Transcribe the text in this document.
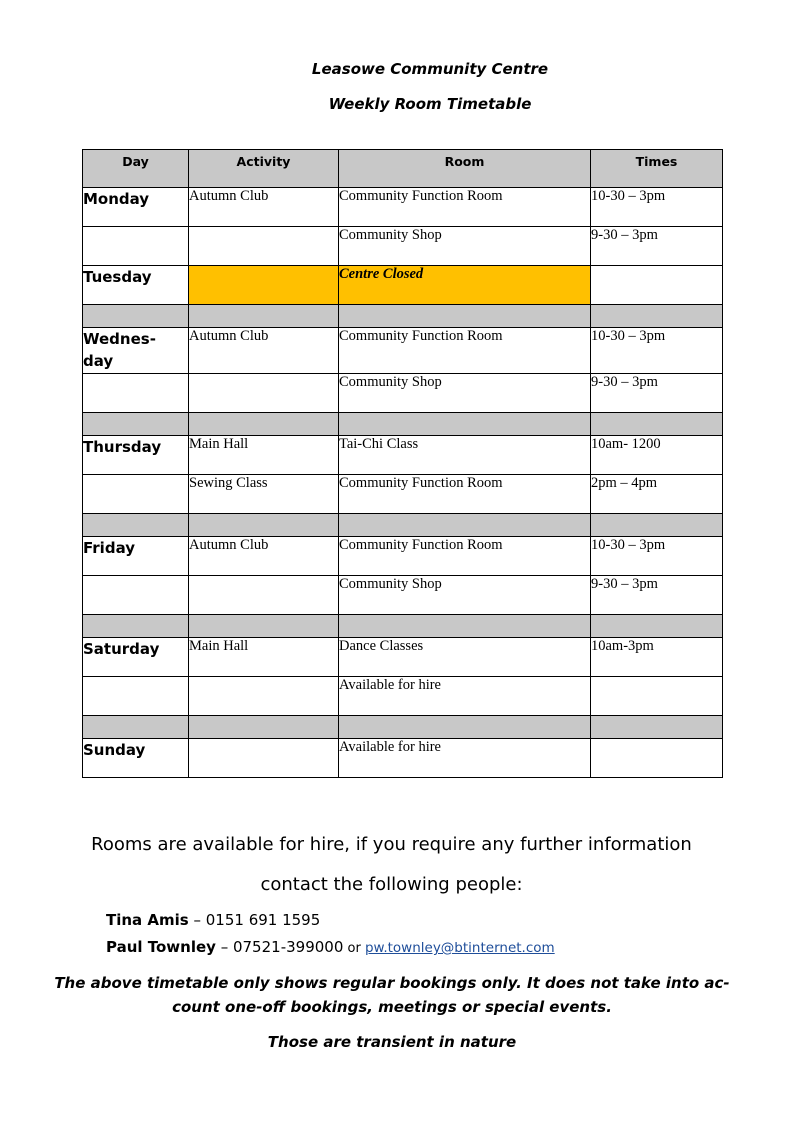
Leasowe Community Centre
Weekly Room Timetable
Day	Activity	Room	Times
Monday	Autumn Club	Community Function Room	10-30 – 3pm
		Community Shop	9-30 – 3pm
Tuesday		Centre Closed	

Wednes-
day	Autumn Club	Community Function Room	10-30 – 3pm
		Community Shop	9-30 – 3pm

Thursday	Main Hall	Tai-Chi Class	10am- 1200
	Sewing Class	Community Function Room	2pm – 4pm

Friday	Autumn Club	Community Function Room	10-30 – 3pm
		Community Shop	9-30 – 3pm

Saturday	Main Hall	Dance Classes	10am-3pm
		Available for hire	

Sunday		Available for hire	
Rooms are available for hire, if you require any further information
contact the following people:
Tina Amis – 0151 691 1595
Paul Townley – 07521-399000 or pw.townley@btinternet.com
The above timetable only shows regular bookings only. It does not take into ac-
count one-off bookings, meetings or special events.
Those are transient in nature
